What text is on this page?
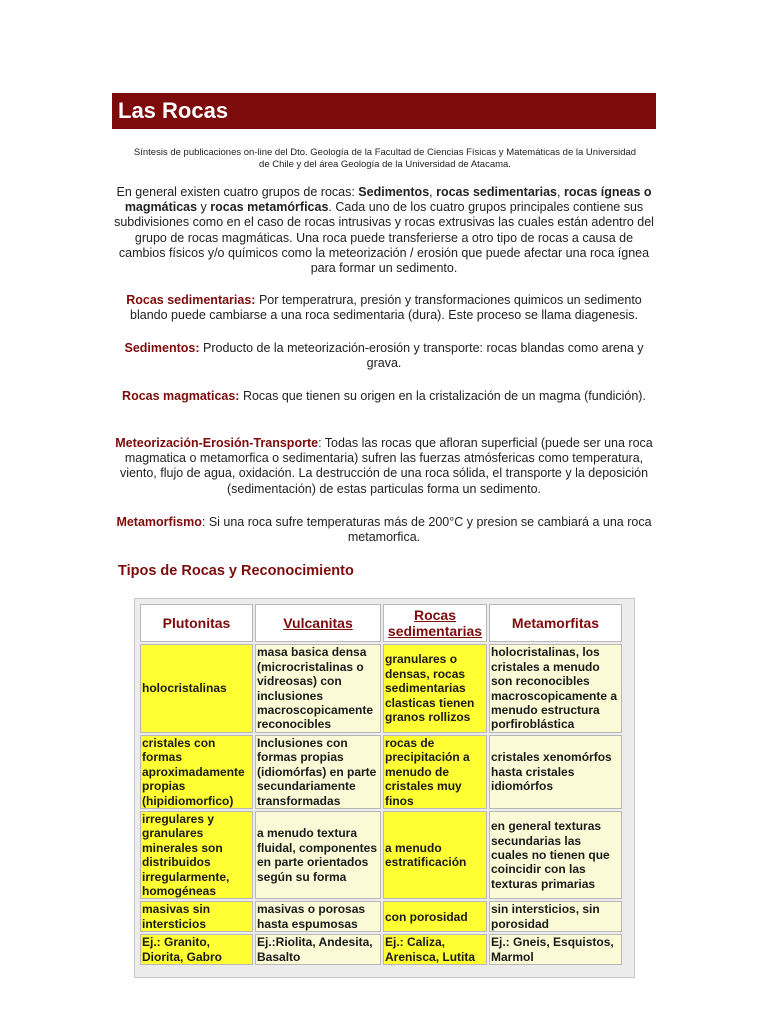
Las Rocas
Síntesis de publicaciones on-line del Dto. Geología de la Facultad de Ciencias Físicas y Matemáticas de la Universidad de Chile y del área Geología de la Universidad de Atacama.
En general existen cuatro grupos de rocas: Sedimentos, rocas sedimentarias, rocas ígneas o magmáticas y rocas metamórficas. Cada uno de los cuatro grupos principales contiene sus subdivisiones como en el caso de rocas intrusivas y rocas extrusivas las cuales están adentro del grupo de rocas magmáticas. Una roca puede transferierse a otro tipo de rocas a causa de cambios físicos y/o químicos como la meteorización / erosión que puede afectar una roca ígnea para formar un sedimento.
Rocas sedimentarias: Por temperatrura, presión y transformaciones quimicos un sedimento blando puede cambiarse a una roca sedimentaria (dura). Este proceso se llama diagenesis.
Sedimentos: Producto de la meteorización-erosión y transporte: rocas blandas como arena y grava.
Rocas magmaticas: Rocas que tienen su origen en la cristalización de un magma (fundición).
Meteorización-Erosión-Transporte: Todas las rocas que afloran superficial (puede ser una roca magmatica o metamorfica o sedimentaria) sufren las fuerzas atmósfericas como temperatura, viento, flujo de agua, oxidación. La destrucción de una roca sólida, el transporte y la deposición (sedimentación) de estas particulas forma un sedimento.
Metamorfismo: Si una roca sufre temperaturas más de 200°C y presion se cambiará a una roca metamorfica.
Tipos de Rocas y Reconocimiento
Plutonitas	Vulcanitas	Rocas sedimentarias	Metamorfitas
holocristalinas	masa basica densa (microcristalinas o vidreosas) con inclusiones macroscopicamente reconocibles	granulares o densas, rocas sedimentarias clasticas tienen granos rollizos	holocristalinas, los cristales a menudo son reconocibles macroscopicamente a menudo estructura porfiroblástica
cristales con formas aproximadamente propias (hipidiomorfico)	Inclusiones con formas propias (idiomórfas) en parte secundariamente transformadas	rocas de precipitación a menudo de cristales muy finos	cristales xenomórfos hasta cristales idiomórfos
irregulares y granulares minerales son distribuidos irregularmente, homogéneas	a menudo textura fluidal, componentes en parte orientados según su forma	a menudo estratificación	en general texturas secundarias las cuales no tienen que coincidir con las texturas primarias
masivas sin intersticios	masivas o porosas hasta espumosas	con porosidad	sin intersticios, sin porosidad
Ej.: Granito, Diorita, Gabro	Ej.:Riolita, Andesita, Basalto	Ej.: Caliza, Arenisca, Lutita	Ej.: Gneis, Esquistos, Marmol
